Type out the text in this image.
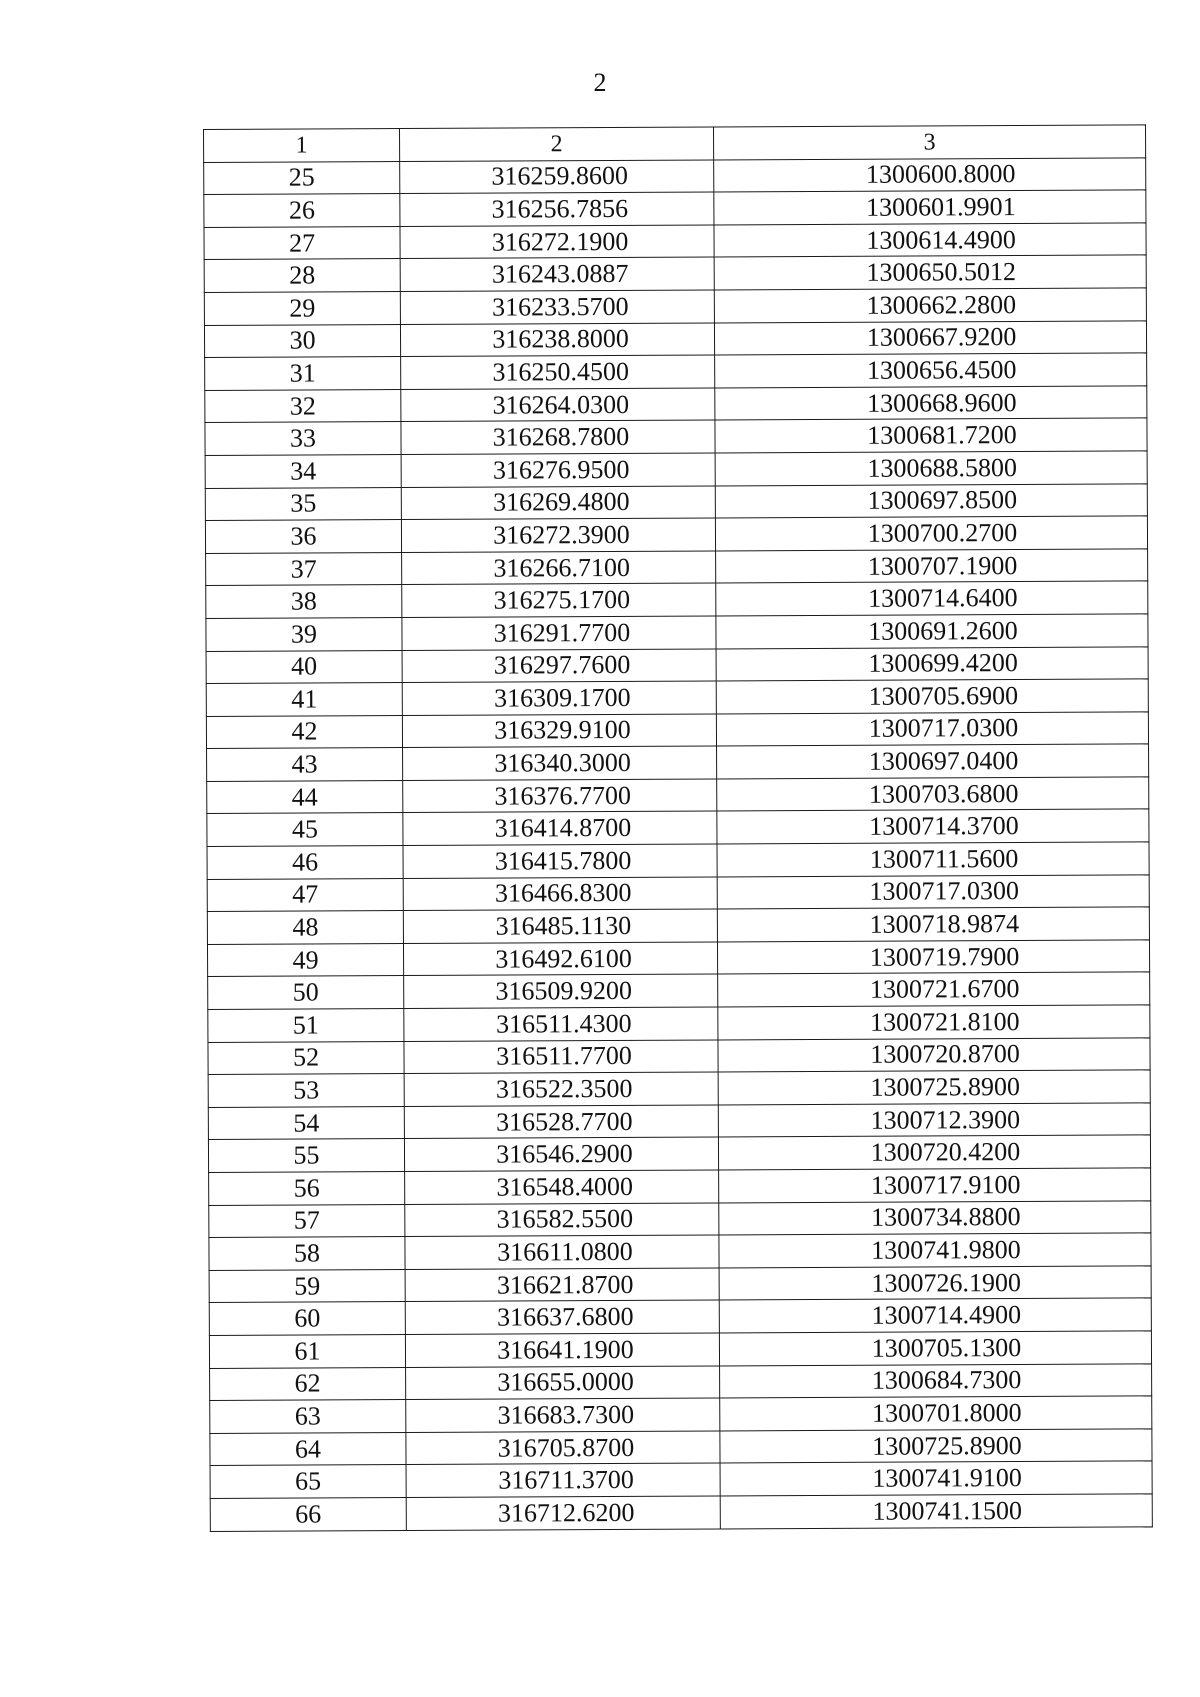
2
1	2	3
25	316259.8600	1300600.8000
26	316256.7856	1300601.9901
27	316272.1900	1300614.4900
28	316243.0887	1300650.5012
29	316233.5700	1300662.2800
30	316238.8000	1300667.9200
31	316250.4500	1300656.4500
32	316264.0300	1300668.9600
33	316268.7800	1300681.7200
34	316276.9500	1300688.5800
35	316269.4800	1300697.8500
36	316272.3900	1300700.2700
37	316266.7100	1300707.1900
38	316275.1700	1300714.6400
39	316291.7700	1300691.2600
40	316297.7600	1300699.4200
41	316309.1700	1300705.6900
42	316329.9100	1300717.0300
43	316340.3000	1300697.0400
44	316376.7700	1300703.6800
45	316414.8700	1300714.3700
46	316415.7800	1300711.5600
47	316466.8300	1300717.0300
48	316485.1130	1300718.9874
49	316492.6100	1300719.7900
50	316509.9200	1300721.6700
51	316511.4300	1300721.8100
52	316511.7700	1300720.8700
53	316522.3500	1300725.8900
54	316528.7700	1300712.3900
55	316546.2900	1300720.4200
56	316548.4000	1300717.9100
57	316582.5500	1300734.8800
58	316611.0800	1300741.9800
59	316621.8700	1300726.1900
60	316637.6800	1300714.4900
61	316641.1900	1300705.1300
62	316655.0000	1300684.7300
63	316683.7300	1300701.8000
64	316705.8700	1300725.8900
65	316711.3700	1300741.9100
66	316712.6200	1300741.1500
